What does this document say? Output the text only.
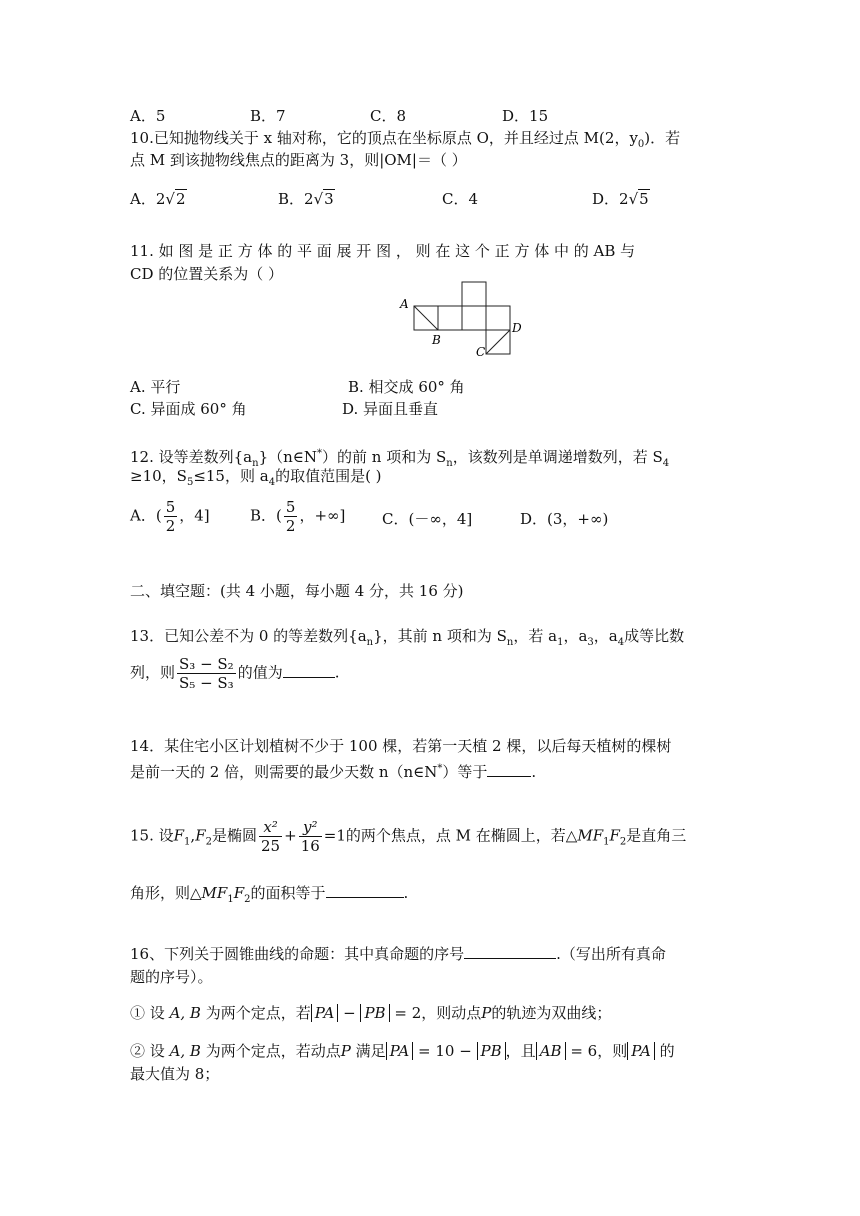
A．5	B．7	C．8	D．15
10.已知抛物线关于 x 轴对称，它的顶点在坐标原点 O，并且经过点 M(2，$y_0$)．若
点 M 到该抛物线焦点的距离为 3，则|OM|＝（ ）
A．2√2	B．2√3	C．4	D．2√5
11. 如 图 是 正 方 体 的 平 面 展 开 图 ， 则 在 这 个 正 方 体 中 的 AB 与
CD 的位置关系为（ ）
A
B
C
D
A. 平行	B. 相交成 60° 角
C. 异面成 60° 角	D. 异面且垂直
12. 设等差数列$\{a_n\}(n\in N^*)$的前 n 项和为 $S_n$，该数列是单调递增数列，若 $S_4$
≥10，$S_5\le 15$，则 $a_4$的取值范围是( )
A．( $\frac{5}{2}$ ，4]	B．( $\frac{5}{2}$ ，+∞] C．(－∞，4]	D．(3，+∞)
二、填空题：(共 4 小题，每小题 4 分，共 16 分)
13．已知公差不为 0 的等差数列$\{a_n\}$，其前 n 项和为 $S_n$，若 $a_1$，$a_3$，$a_4$成等比数
列，则 $\frac{\text{S₃ − S₂}}{\text{S₅ − S₃}}$ 的值为	.
14．某住宅小区计划植树不少于 100 棵，若第一天植 2 棵，以后每天植树的棵树
是前一天的 2 倍，则需要的最少天数 n（n∈N*）等于	.
15. 设$F_1,F_2$是椭圆 $\frac{\text{x²}}{25} + \frac{\text{y²}}{16} =1$的两个焦点，点 M 在椭圆上，若$\triangle MF_1F_2$是直角三
角形，则$\triangle MF_1F_2$的面积等于	.
16、下列关于圆锥曲线的命题：其中真命题的序号	.（写出所有真命
题的序号）。
① 设 A, B 为两个定点，若 PA − PB = 2，则动点P的轨迹为双曲线；
② 设 A, B 为两个定点，若动点P 满足 PA = 10 − PB ，且 AB = 6，则 PA 的
最大值为 8；
